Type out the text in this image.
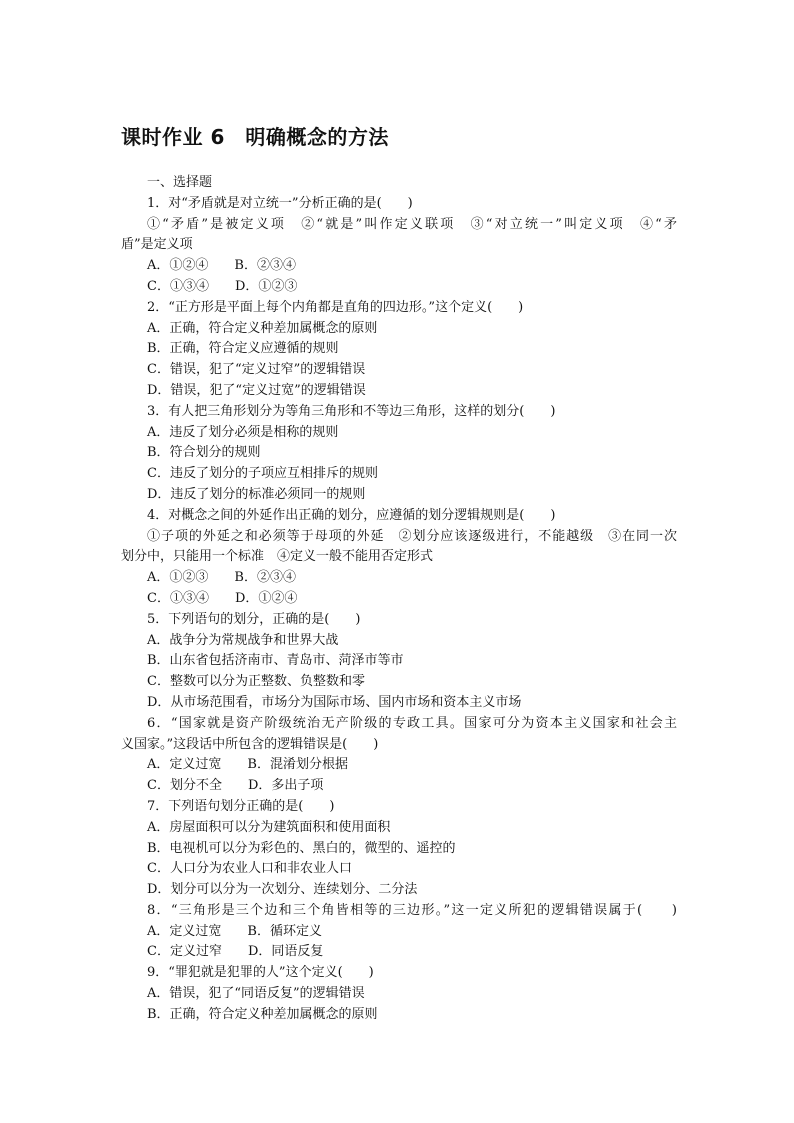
课时作业 6　明确概念的方法
一、选择题
1．对“矛盾就是对立统一”分析正确的是(　　)
①“矛盾”是被定义项　②“就是”叫作定义联项　③“对立统一”叫定义项　④“矛
盾”是定义项
A．①②④　　B．②③④
C．①③④　　D．①②③
2．“正方形是平面上每个内角都是直角的四边形。”这个定义(　　)
A．正确，符合定义种差加属概念的原则
B．正确，符合定义应遵循的规则
C．错误，犯了“定义过窄”的逻辑错误
D．错误，犯了“定义过宽”的逻辑错误
3．有人把三角形划分为等角三角形和不等边三角形，这样的划分(　　)
A．违反了划分必须是相称的规则
B．符合划分的规则
C．违反了划分的子项应互相排斥的规则
D．违反了划分的标准必须同一的规则
4．对概念之间的外延作出正确的划分，应遵循的划分逻辑规则是(　　)
①子项的外延之和必须等于母项的外延　②划分应该逐级进行，不能越级　③在同一次
划分中，只能用一个标准　④定义一般不能用否定形式
A．①②③　　B．②③④
C．①③④　　D．①②④
5．下列语句的划分，正确的是(　　)
A．战争分为常规战争和世界大战
B．山东省包括济南市、青岛市、菏泽市等市
C．整数可以分为正整数、负整数和零
D．从市场范围看，市场分为国际市场、国内市场和资本主义市场
6．“国家就是资产阶级统治无产阶级的专政工具。国家可分为资本主义国家和社会主
义国家。”这段话中所包含的逻辑错误是(　　)
A．定义过宽　　B．混淆划分根据
C．划分不全　　D．多出子项
7．下列语句划分正确的是(　　)
A．房屋面积可以分为建筑面积和使用面积
B．电视机可以分为彩色的、黑白的，微型的、遥控的
C．人口分为农业人口和非农业人口
D．划分可以分为一次划分、连续划分、二分法
8．“三角形是三个边和三个角皆相等的三边形。”这一定义所犯的逻辑错误属于(　　)
A．定义过宽　　B．循环定义
C．定义过窄　　D．同语反复
9．“罪犯就是犯罪的人”这个定义(　　)
A．错误，犯了“同语反复”的逻辑错误
B．正确，符合定义种差加属概念的原则
